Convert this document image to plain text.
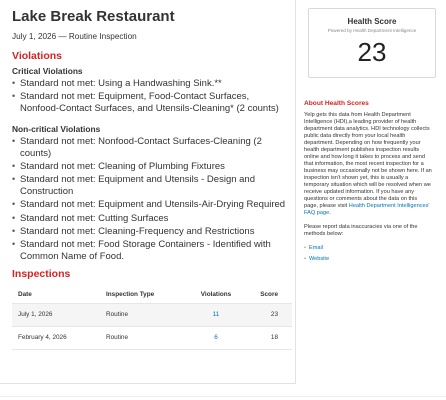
Lake Break Restaurant
July 1, 2026 — Routine Inspection
Violations
Critical Violations
• Standard not met: Using a Handwashing Sink.**
• Standard not met: Equipment, Food-Contact Surfaces, Nonfood-Contact Surfaces, and Utensils-Cleaning* (2 counts)
Non-critical Violations
• Standard not met: Nonfood-Contact Surfaces-Cleaning (2 counts)
• Standard not met: Cleaning of Plumbing Fixtures
• Standard not met: Equipment and Utensils - Design and Construction
• Standard not met: Equipment and Utensils-Air-Drying Required
• Standard not met: Cutting Surfaces
• Standard not met: Cleaning-Frequency and Restrictions
• Standard not met: Food Storage Containers - Identified with Common Name of Food.
Inspections
Date	Inspection Type	Violations	Score
July 1, 2026	Routine	11	23
February 4, 2026	Routine	6	18
Health Score
Powered by Health Department Intelligence
23
About Health Scores
Yelp gets this data from Health Department Intelligence (HDI),a leading provider of health department data analytics. HDI technology collects public data directly from your local health department. Depending on how frequently your health department publishes inspection results online and how long it takes to process and send that information, the most recent inspection for a business may occasionally not be shown here. If an inspection isn't shown yet, this is usually a temporary situation which will be resolved when we receive updated information. If you have any questions or comments about the data on this page, please visit Health Department Intelligences' FAQ page.
Please report data inaccuracies via one of the methods below:
• Email
• Website
